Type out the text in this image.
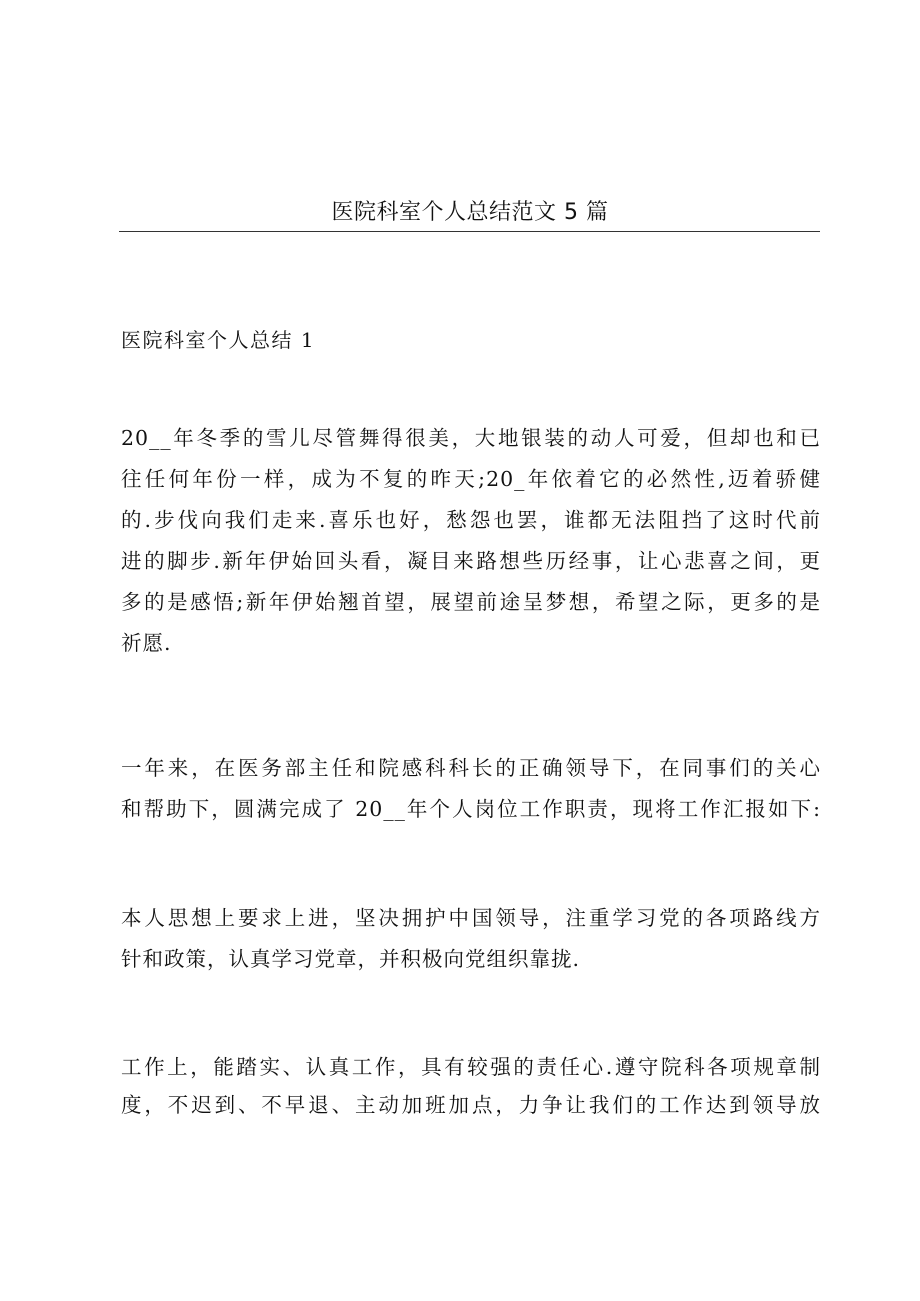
医院科室个人总结范文 5 篇
医院科室个人总结 1
20__年冬季的雪儿尽管舞得很美，大地银装的动人可爱，但却也和已
往任何年份一样，成为不复的昨天;20_年依着它的必然性,迈着骄健
的.步伐向我们走来.喜乐也好，愁怨也罢，谁都无法阻挡了这时代前
进的脚步.新年伊始回头看，凝目来路想些历经事，让心悲喜之间，更
多的是感悟;新年伊始翘首望，展望前途呈梦想，希望之际，更多的是
祈愿.
一年来，在医务部主任和院感科科长的正确领导下，在同事们的关心
和帮助下，圆满完成了 20__年个人岗位工作职责，现将工作汇报如下:
本人思想上要求上进，坚决拥护中国领导，注重学习党的各项路线方
针和政策，认真学习党章，并积极向党组织靠拢.
工作上，能踏实、认真工作，具有较强的责任心.遵守院科各项规章制
度，不迟到、不早退、主动加班加点，力争让我们的工作达到领导放
